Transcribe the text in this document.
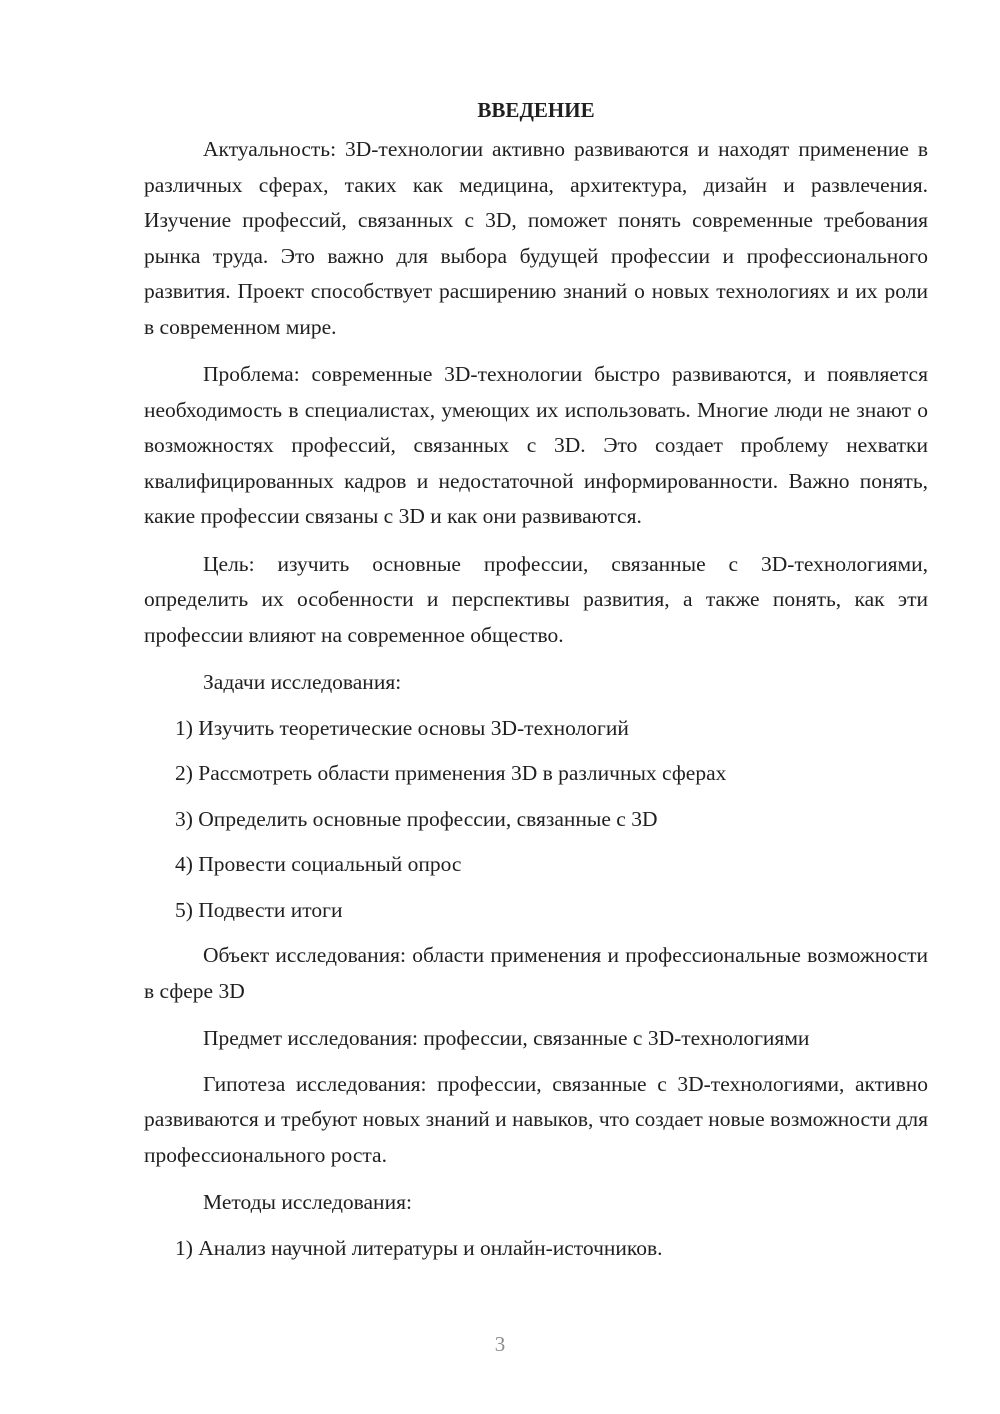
ВВЕДЕНИЕ

Актуальность: 3D-технологии активно развиваются и находят применение в различных сферах, таких как медицина, архитектура, дизайн и развлечения. Изучение профессий, связанных с 3D, поможет понять современные требования рынка труда. Это важно для выбора будущей профессии и профессионального развития. Проект способствует расширению знаний о новых технологиях и их роли в современном мире.

Проблема: современные 3D-технологии быстро развиваются, и появляется необходимость в специалистах, умеющих их использовать. Многие люди не знают о возможностях профессий, связанных с 3D. Это создает проблему нехватки квалифицированных кадров и недостаточной информированности. Важно понять, какие профессии связаны с 3D и как они развиваются.

Цель: изучить основные профессии, связанные с 3D-технологиями, определить их особенности и перспективы развития, а также понять, как эти профессии влияют на современное общество.

Задачи исследования:

1) Изучить теоретические основы 3D-технологий

2) Рассмотреть области применения 3D в различных сферах

3) Определить основные профессии, связанные с 3D

4) Провести социальный опрос

5) Подвести итоги

Объект исследования: области применения и профессиональные возможности в сфере 3D

Предмет исследования: профессии, связанные с 3D-технологиями

Гипотеза исследования: профессии, связанные с 3D-технологиями, активно развиваются и требуют новых знаний и навыков, что создает новые возможности для профессионального роста.

Методы исследования:

1) Анализ научной литературы и онлайн-источников.

3
